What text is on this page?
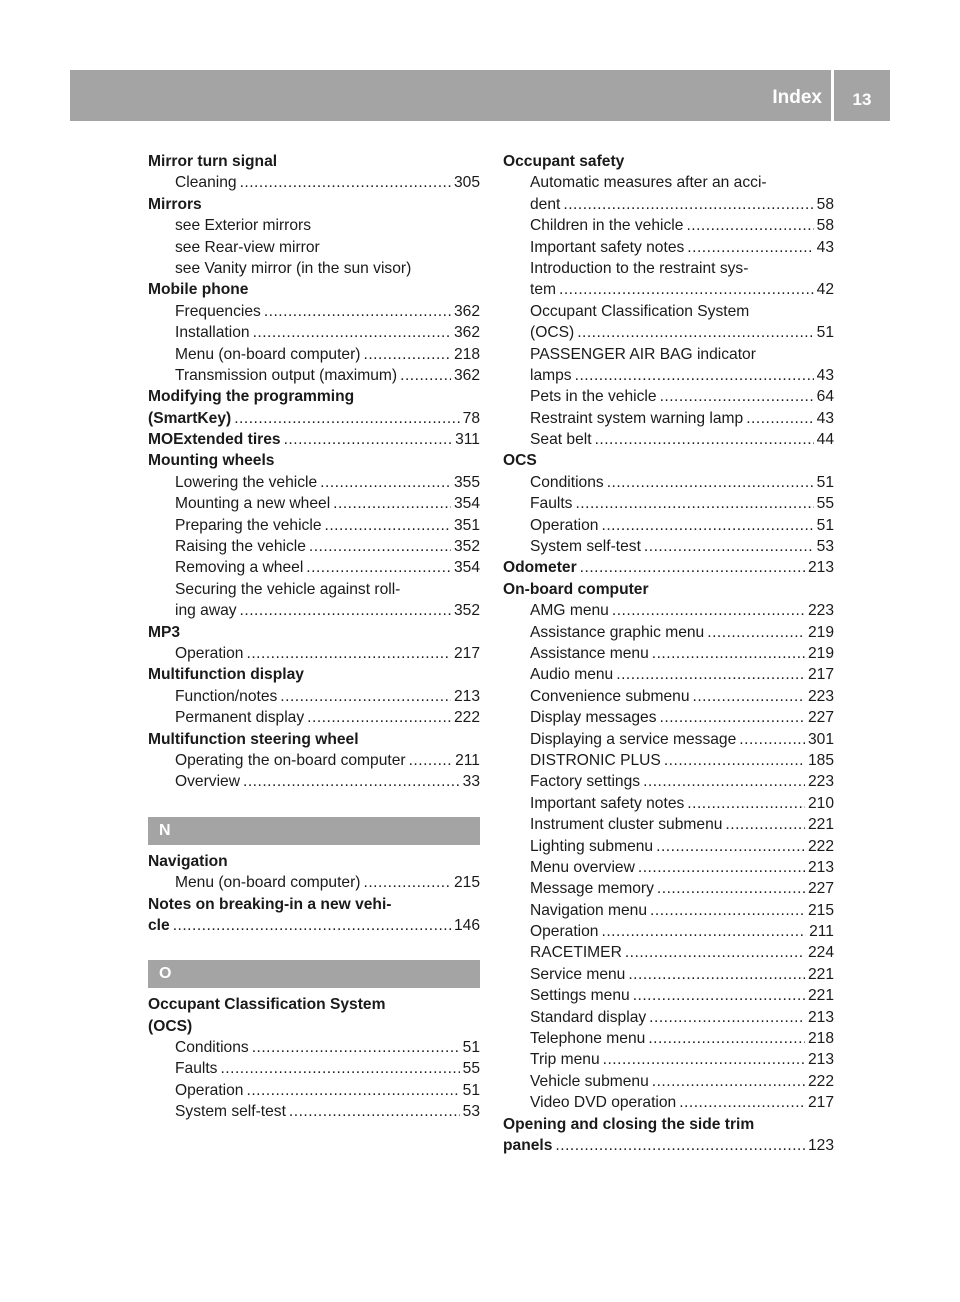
Index	13
Mirror turn signal
Cleaning .....	305
Mirrors
see Exterior mirrors
see Rear-view mirror
see Vanity mirror (in the sun visor)
Mobile phone
Frequencies .....	362
Installation .....	362
Menu (on-board computer) .....	218
Transmission output (maximum) .....	362
Modifying the programming
(SmartKey) .....	78
MOExtended tires .....	311
Mounting wheels
Lowering the vehicle .....	355
Mounting a new wheel .....	354
Preparing the vehicle .....	351
Raising the vehicle .....	352
Removing a wheel .....	354
Securing the vehicle against roll-
ing away .....	352
MP3
Operation .....	217
Multifunction display
Function/notes .....	213
Permanent display .....	222
Multifunction steering wheel
Operating the on-board computer .....	211
Overview .....	33
N
Navigation
Menu (on-board computer) .....	215
Notes on breaking-in a new vehi-
cle .....	146
O
Occupant Classification System
(OCS)
Conditions .....	51
Faults .....	55
Operation .....	51
System self-test .....	53
Occupant safety
Automatic measures after an acci-
dent .....	58
Children in the vehicle .....	58
Important safety notes .....	43
Introduction to the restraint sys-
tem .....	42
Occupant Classification System
(OCS) .....	51
PASSENGER AIR BAG indicator
lamps .....	43
Pets in the vehicle .....	64
Restraint system warning lamp .....	43
Seat belt .....	44
OCS
Conditions .....	51
Faults .....	55
Operation .....	51
System self-test .....	53
Odometer .....	213
On-board computer
AMG menu .....	223
Assistance graphic menu .....	219
Assistance menu .....	219
Audio menu .....	217
Convenience submenu .....	223
Display messages .....	227
Displaying a service message .....	301
DISTRONIC PLUS .....	185
Factory settings .....	223
Important safety notes .....	210
Instrument cluster submenu .....	221
Lighting submenu .....	222
Menu overview .....	213
Message memory .....	227
Navigation menu .....	215
Operation .....	211
RACETIMER .....	224
Service menu .....	221
Settings menu .....	221
Standard display .....	213
Telephone menu .....	218
Trip menu .....	213
Vehicle submenu .....	222
Video DVD operation .....	217
Opening and closing the side trim
panels .....	123
